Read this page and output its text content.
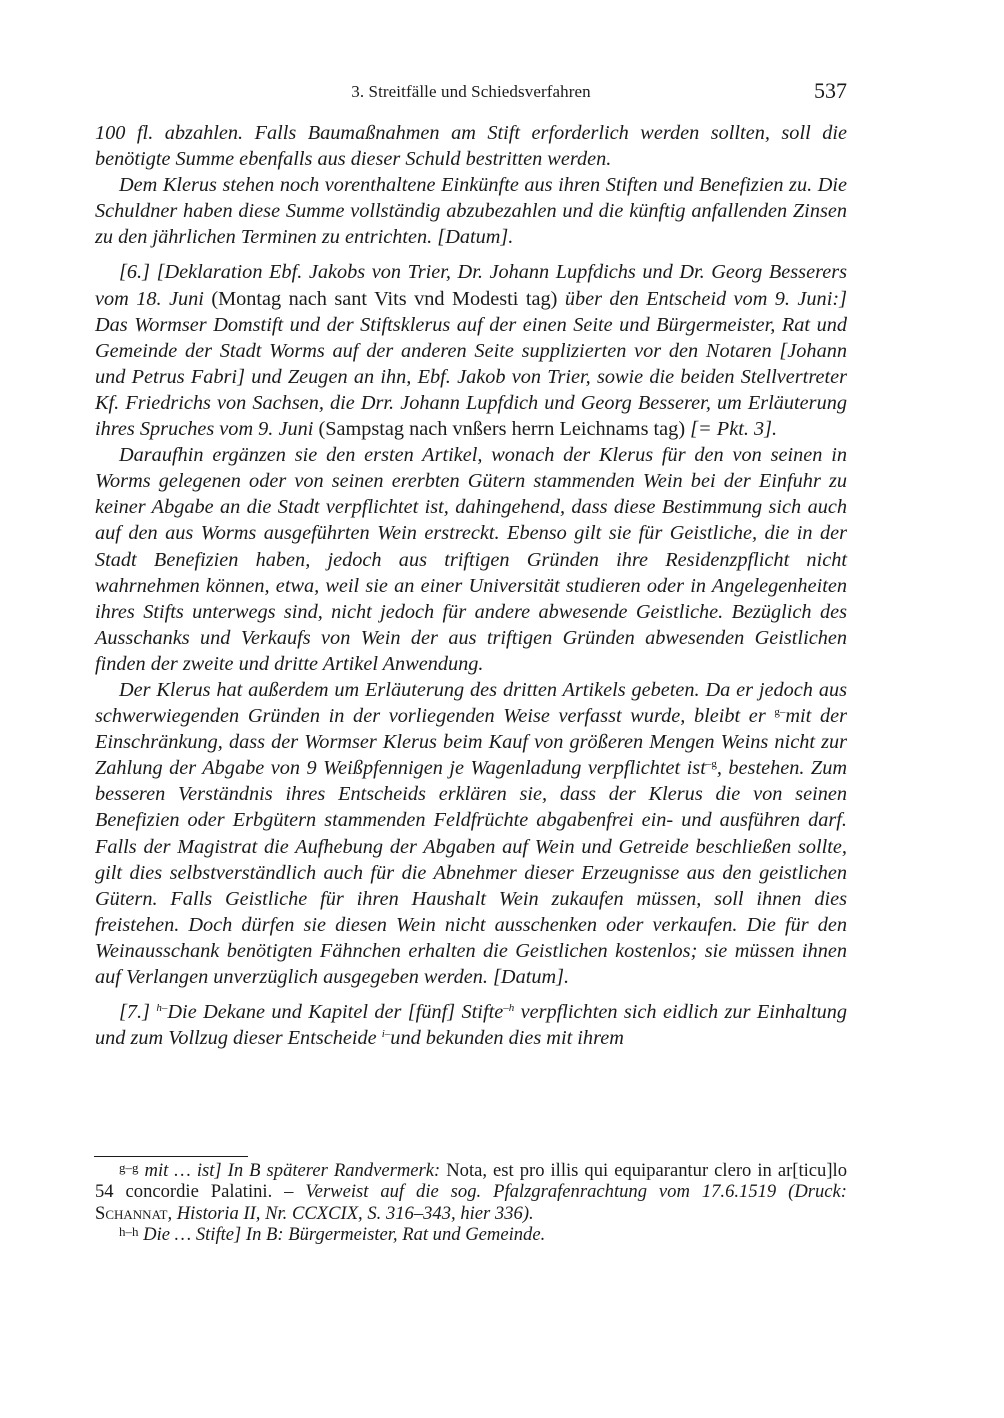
3. Streitfälle und Schiedsverfahren	537

100 fl. abzahlen. Falls Baumaßnahmen am Stift erforderlich werden sollten, soll die benötigte Summe ebenfalls aus dieser Schuld bestritten werden.

Dem Klerus stehen noch vorenthaltene Einkünfte aus ihren Stiften und Benefizien zu. Die Schuldner haben diese Summe vollständig abzubezahlen und die künftig anfallenden Zinsen zu den jährlichen Terminen zu entrichten. [Datum].

[6.] [Deklaration Ebf. Jakobs von Trier, Dr. Johann Lupfdichs und Dr. Georg Besserers vom 18. Juni (Montag nach sant Vits vnd Modesti tag) über den Entscheid vom 9. Juni:] Das Wormser Domstift und der Stiftsklerus auf der einen Seite und Bürgermeister, Rat und Gemeinde der Stadt Worms auf der anderen Seite supplizierten vor den Notaren [Johann und Petrus Fabri] und Zeugen an ihn, Ebf. Jakob von Trier, sowie die beiden Stellvertreter Kf. Friedrichs von Sachsen, die Drr. Johann Lupfdich und Georg Besserer, um Erläuterung ihres Spruches vom 9. Juni (Sampstag nach vnßers herrn Leichnams tag) [= Pkt. 3].

Daraufhin ergänzen sie den ersten Artikel, wonach der Klerus für den von seinen in Worms gelegenen oder von seinen ererbten Gütern stammenden Wein bei der Einfuhr zu keiner Abgabe an die Stadt verpflichtet ist, dahingehend, dass diese Bestimmung sich auch auf den aus Worms ausgeführten Wein erstreckt. Ebenso gilt sie für Geistliche, die in der Stadt Benefizien haben, jedoch aus triftigen Gründen ihre Residenzpflicht nicht wahrnehmen können, etwa, weil sie an einer Universität studieren oder in Angelegenheiten ihres Stifts unterwegs sind, nicht jedoch für andere abwesende Geistliche. Bezüglich des Ausschanks und Verkaufs von Wein der aus triftigen Gründen abwesenden Geistlichen finden der zweite und dritte Artikel Anwendung.

Der Klerus hat außerdem um Erläuterung des dritten Artikels gebeten. Da er jedoch aus schwerwiegenden Gründen in der vorliegenden Weise verfasst wurde, bleibt er $^{g-}$mit der Einschränkung, dass der Wormser Klerus beim Kauf von größeren Mengen Weins nicht zur Zahlung der Abgabe von 9 Weißpfennigen je Wagenladung verpflichtet ist$^{-g}$, bestehen. Zum besseren Verständnis ihres Entscheids erklären sie, dass der Klerus die von seinen Benefizien oder Erbgütern stammenden Feldfrüchte abgabenfrei ein- und ausführen darf. Falls der Magistrat die Aufhebung der Abgaben auf Wein und Getreide beschließen sollte, gilt dies selbstverständlich auch für die Abnehmer dieser Erzeugnisse aus den geistlichen Gütern. Falls Geistliche für ihren Haushalt Wein zukaufen müssen, soll ihnen dies freistehen. Doch dürfen sie diesen Wein nicht ausschenken oder verkaufen. Die für den Weinausschank benötigten Fähnchen erhalten die Geistlichen kostenlos; sie müssen ihnen auf Verlangen unverzüglich ausgegeben werden. [Datum].

[7.] $^{h-}$Die Dekane und Kapitel der [fünf] Stifte$^{-h}$ verpflichten sich eidlich zur Einhaltung und zum Vollzug dieser Entscheide $^{i-}$und bekunden dies mit ihrem

$^{g-g}$ mit … ist] In B späterer Randvermerk: Nota, est pro illis qui equiparantur clero in ar[ticu]lo 54 concordie Palatini. – Verweist auf die sog. Pfalzgrafenrachtung vom 17.6.1519 (Druck: Schannat, Historia II, Nr. CCXCIX, S. 316–343, hier 336).

$^{h-h}$ Die … Stifte] In B: Bürgermeister, Rat und Gemeinde.
